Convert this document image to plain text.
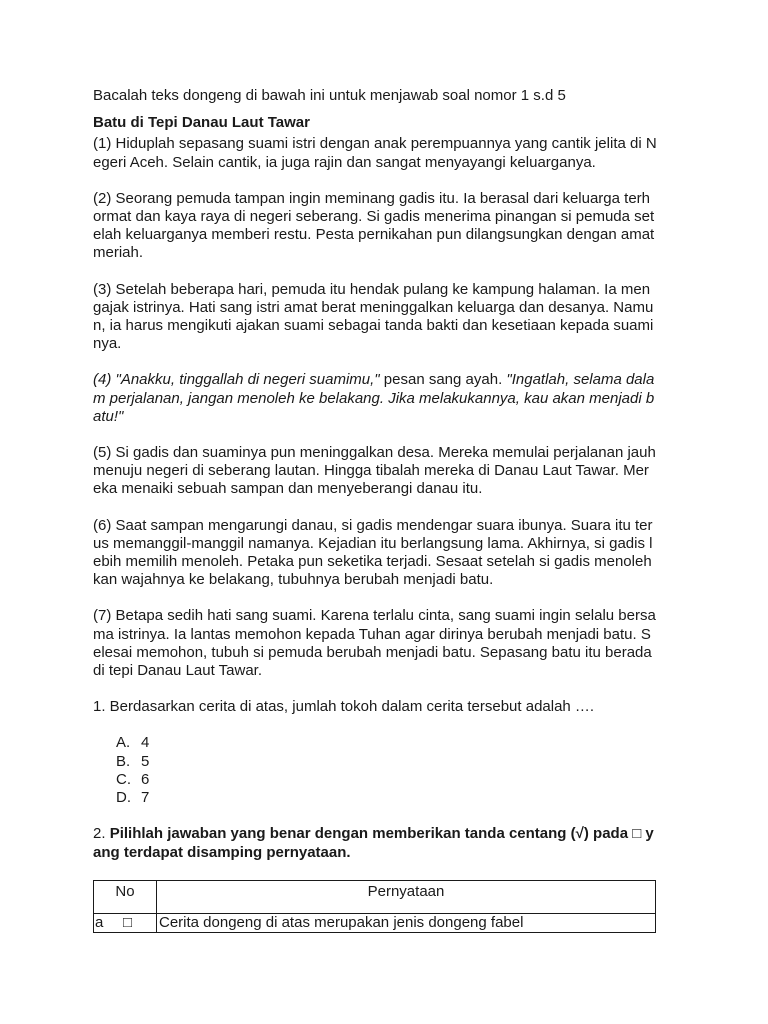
Bacalah teks dongeng di bawah ini untuk menjawab soal nomor 1 s.d 5
Batu di Tepi Danau Laut Tawar
(1) Hiduplah sepasang suami istri dengan anak perempuannya yang cantik jelita di N
egeri Aceh. Selain cantik, ia juga rajin dan sangat menyayangi keluarganya.
(2) Seorang pemuda tampan ingin meminang gadis itu. Ia berasal dari keluarga terh
ormat dan kaya raya di negeri seberang. Si gadis menerima pinangan si pemuda set
elah keluarganya memberi restu. Pesta pernikahan pun dilangsungkan dengan amat
meriah.
(3) Setelah beberapa hari, pemuda itu hendak pulang ke kampung halaman. Ia men
gajak istrinya. Hati sang istri amat berat meninggalkan keluarga dan desanya. Namu
n, ia harus mengikuti ajakan suami sebagai tanda bakti dan kesetiaan kepada suami
nya.
(4) "Anakku, tinggallah di negeri suamimu," pesan sang ayah. "Ingatlah, selama dala
m perjalanan, jangan menoleh ke belakang. Jika melakukannya, kau akan menjadi b
atu!"
(5) Si gadis dan suaminya pun meninggalkan desa. Mereka memulai perjalanan jauh
menuju negeri di seberang lautan. Hingga tibalah mereka di Danau Laut Tawar. Mer
eka menaiki sebuah sampan dan menyeberangi danau itu.
(6) Saat sampan mengarungi danau, si gadis mendengar suara ibunya. Suara itu ter
us memanggil-manggil namanya. Kejadian itu berlangsung lama. Akhirnya, si gadis l
ebih memilih menoleh. Petaka pun seketika terjadi. Sesaat setelah si gadis menoleh
kan wajahnya ke belakang, tubuhnya berubah menjadi batu.
(7) Betapa sedih hati sang suami. Karena terlalu cinta, sang suami ingin selalu bersa
ma istrinya. Ia lantas memohon kepada Tuhan agar dirinya berubah menjadi batu. S
elesai memohon, tubuh si pemuda berubah menjadi batu. Sepasang batu itu berada
di tepi Danau Laut Tawar.
1. Berdasarkan cerita di atas, jumlah tokoh dalam cerita tersebut adalah ….
A. 4
B. 5
C. 6
D. 7
2. Pilihlah jawaban yang benar dengan memberikan tanda centang (√) pada □ y
ang terdapat disamping pernyataan.
No	Pernyataan

a □	Cerita dongeng di atas merupakan jenis dongeng fabel
